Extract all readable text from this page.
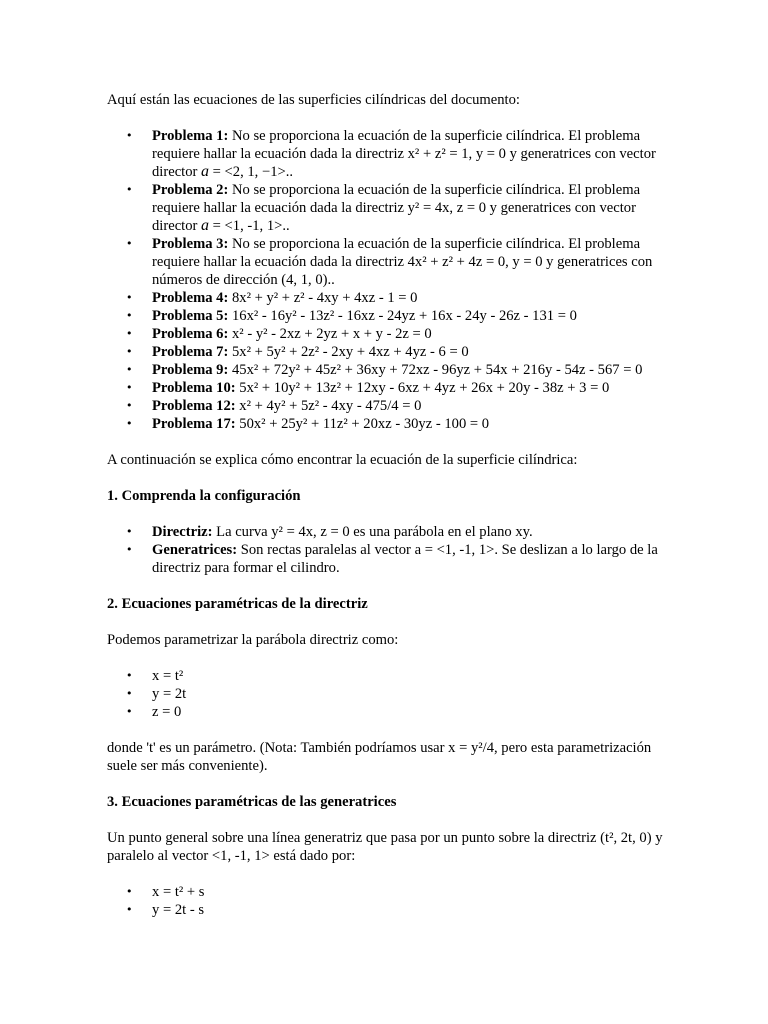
Aquí están las ecuaciones de las superficies cilíndricas del documento:

• Problema 1: No se proporciona la ecuación de la superficie cilíndrica. El problema requiere hallar la ecuación dada la directriz x² + z² = 1, y = 0 y generatrices con vector director a = <2, 1, −1>..
• Problema 2: No se proporciona la ecuación de la superficie cilíndrica. El problema requiere hallar la ecuación dada la directriz y² = 4x, z = 0 y generatrices con vector director a = <1, -1, 1>..
• Problema 3: No se proporciona la ecuación de la superficie cilíndrica. El problema requiere hallar la ecuación dada la directriz 4x² + z² + 4z = 0, y = 0 y generatrices con números de dirección (4, 1, 0)..
• Problema 4: 8x² + y² + z² - 4xy + 4xz - 1 = 0
• Problema 5: 16x² - 16y² - 13z² - 16xz - 24yz + 16x - 24y - 26z - 131 = 0
• Problema 6: x² - y² - 2xz + 2yz + x + y - 2z = 0
• Problema 7: 5x² + 5y² + 2z² - 2xy + 4xz + 4yz - 6 = 0
• Problema 9: 45x² + 72y² + 45z² + 36xy + 72xz - 96yz + 54x + 216y - 54z - 567 = 0
• Problema 10: 5x² + 10y² + 13z² + 12xy - 6xz + 4yz + 26x + 20y - 38z + 3 = 0
• Problema 12: x² + 4y² + 5z² - 4xy - 475/4 = 0
• Problema 17: 50x² + 25y² + 11z² + 20xz - 30yz - 100 = 0

A continuación se explica cómo encontrar la ecuación de la superficie cilíndrica:

1. Comprenda la configuración

• Directriz: La curva y² = 4x, z = 0 es una parábola en el plano xy.
• Generatrices: Son rectas paralelas al vector a = <1, -1, 1>. Se deslizan a lo largo de la directriz para formar el cilindro.

2. Ecuaciones paramétricas de la directriz

Podemos parametrizar la parábola directriz como:

• x = t²
• y = 2t
• z = 0

donde 't' es un parámetro. (Nota: También podríamos usar x = y²/4, pero esta parametrización suele ser más conveniente).

3. Ecuaciones paramétricas de las generatrices

Un punto general sobre una línea generatriz que pasa por un punto sobre la directriz (t², 2t, 0) y paralelo al vector <1, -1, 1> está dado por:

• x = t² + s
• y = 2t - s
